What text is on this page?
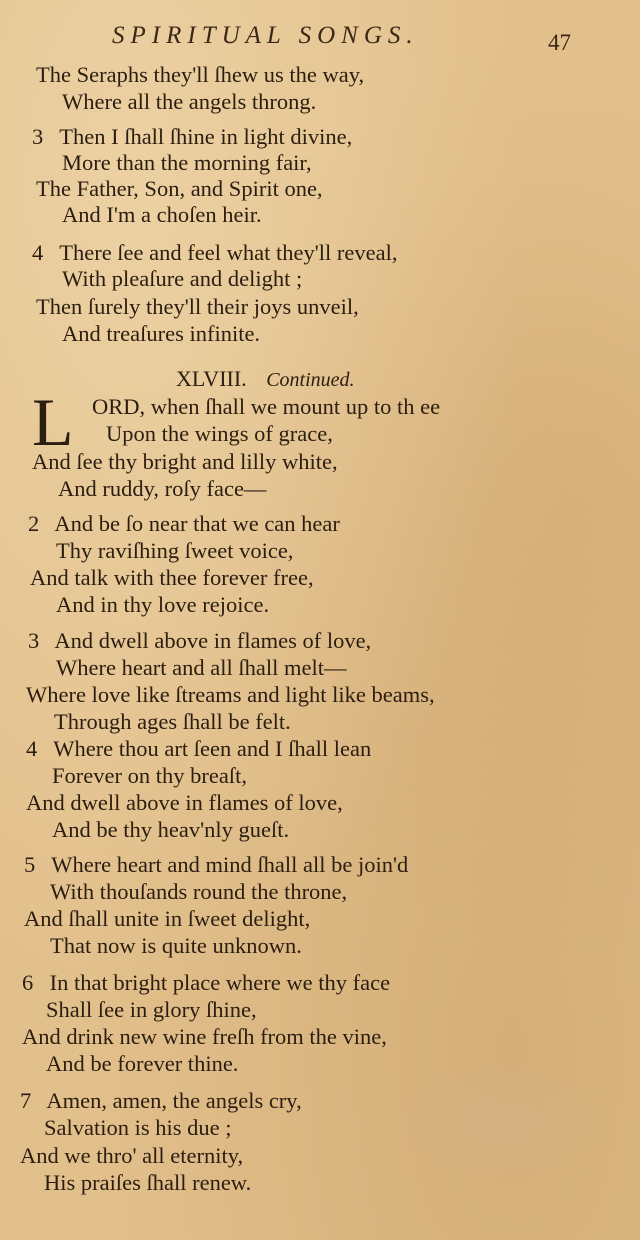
SPIRITUAL SONGS.	47
The Seraphs they'll ſhew us the way,
Where all the angels throng.
3 Then I ſhall ſhine in light divine,
More than the morning fair,
The Father, Son, and Spirit one,
And I'm a choſen heir.
4 There ſee and feel what they'll reveal,
With pleaſure and delight ;
Then ſurely they'll their joys unveil,
And treaſures infinite.
XLVIII. Continued.
L ORD, when ſhall we mount up to th ee
Upon the wings of grace,
And ſee thy bright and lilly white,
And ruddy, roſy face—
2 And be ſo near that we can hear
Thy raviſhing ſweet voice,
And talk with thee forever free,
And in thy love rejoice.
3 And dwell above in flames of love,
Where heart and all ſhall melt—
Where love like ſtreams and light like beams,
Through ages ſhall be felt.
4 Where thou art ſeen and I ſhall lean
Forever on thy breaſt,
And dwell above in flames of love,
And be thy heav'nly gueſt.
5 Where heart and mind ſhall all be join'd
With thouſands round the throne,
And ſhall unite in ſweet delight,
That now is quite unknown.
6 In that bright place where we thy face
Shall ſee in glory ſhine,
And drink new wine freſh from the vine,
And be forever thine.
7 Amen, amen, the angels cry,
Salvation is his due ;
And we thro' all eternity,
His praiſes ſhall renew.
